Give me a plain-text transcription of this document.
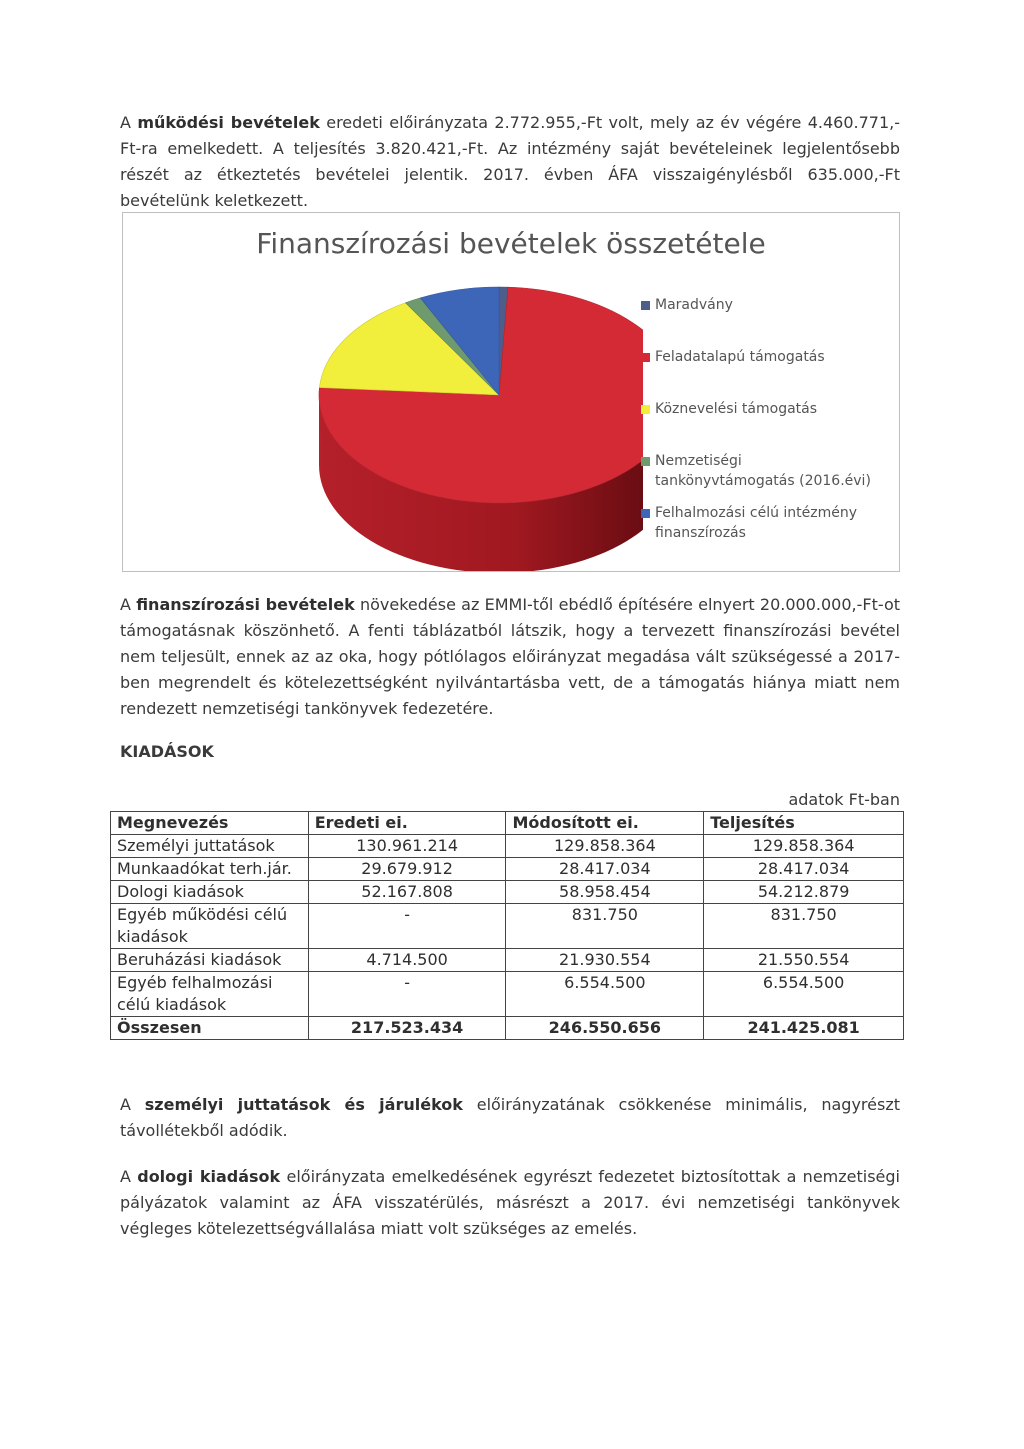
A működési bevételek eredeti előirányzata 2.772.955,-Ft volt, mely az év végére 4.460.771,-Ft-ra emelkedett. A teljesítés 3.820.421,-Ft. Az intézmény saját bevételeinek legjelentősebb részét az étkeztetés bevételei jelentik. 2017. évben ÁFA visszaigénylésből 635.000,-Ft bevételünk keletkezett.

Finanszírozási bevételek összetétele
Maradvány
Feladatalapú támogatás
Köznevelési támogatás
Nemzetiségi tankönyvtámogatás (2016.évi)
Felhalmozási célú intézmény finanszírozás

A finanszírozási bevételek növekedése az EMMI-től ebédlő építésére elnyert 20.000.000,-Ft-ot támogatásnak köszönhető. A fenti táblázatból látszik, hogy a tervezett finanszírozási bevétel nem teljesült, ennek az az oka, hogy pótlólagos előirányzat megadása vált szükségessé a 2017-ben megrendelt és kötelezettségként nyilvántartásba vett, de a támogatás hiánya miatt nem rendezett nemzetiségi tankönyvek fedezetére.

KIADÁSOK
adatok Ft-ban
Megnevezés	Eredeti ei.	Módosított ei.	Teljesítés
Személyi juttatások	130.961.214	129.858.364	129.858.364
Munkaadókat terh.jár.	29.679.912	28.417.034	28.417.034
Dologi kiadások	52.167.808	58.958.454	54.212.879
Egyéb működési célú kiadások	-	831.750	831.750
Beruházási kiadások	4.714.500	21.930.554	21.550.554
Egyéb felhalmozási célú kiadások	-	6.554.500	6.554.500
Összesen	217.523.434	246.550.656	241.425.081

A személyi juttatások és járulékok előirányzatának csökkenése minimális, nagyrészt távollétekből adódik.

A dologi kiadások előirányzata emelkedésének egyrészt fedezetet biztosítottak a nemzetiségi pályázatok valamint az ÁFA visszatérülés, másrészt a 2017. évi nemzetiségi tankönyvek végleges kötelezettségvállalása miatt volt szükséges az emelés.
